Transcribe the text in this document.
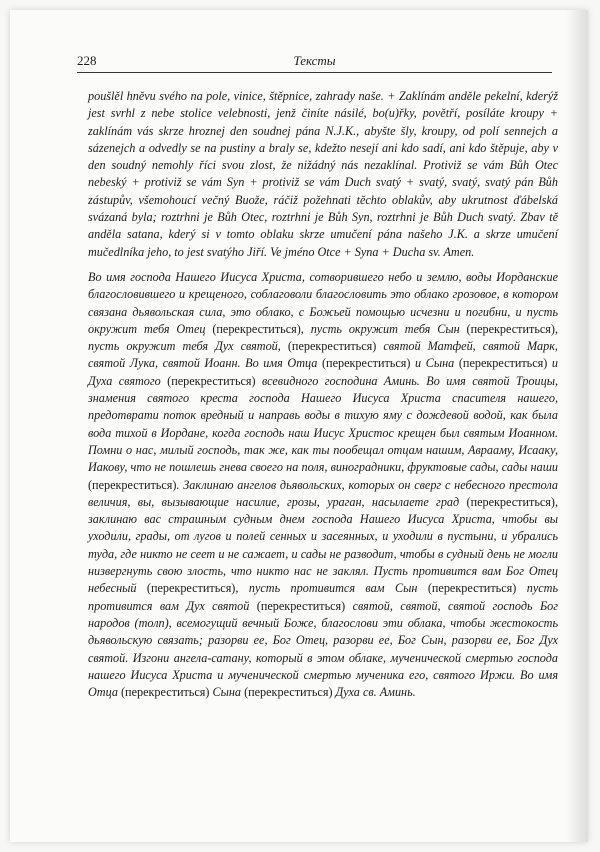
228	Тексты

poušlěl hněvu svého na pole, vinice, štěpnice, zahrady naše. + Zaklínám anděle pekelní, kderýž jest svrhl z nebe stolice velebnosti, jenž činíte násilé, bo(u)řky, povětří, posíláte kroupy + zaklínám vás skrze hroznej den soudnej pána N.J.K., abyšte šly, kroupy, od polí sennejch a sázenejch a odvedly se na pustiny a braly se, kdežto nesejí ani kdo sadí, ani kdo štěpuje, aby v den soudný nemohly říci svou zlost, že nižádný nás nezaklínal. Protiviž se vám Bůh Otec nebeský + protiviž se vám Syn + protiviž se vám Duch svatý + svatý, svatý, svatý pán Bůh zástupův, všemohoucí večný Buože, ráčiž požehnati těchto oblakův, aby ukrutnost ďábelská svázaná byla; roztrhni je Bůh Otec, roztrhni je Bůh Syn, roztrhni je Bůh Duch svatý. Zbav tě anděla satana, kderý si v tomto oblaku skrze umučení pána našeho J.K. a skrze umučení mučedlníka jeho, to jest svatýho Jiří. Ve jméno Otce + Syna + Ducha sv. Amen.

Во имя господа Нашего Иисуса Христа, сотворившего небо и землю, воды Иорданские благословившего и крещеного, соблаговоли благословить это облако грозовое, в котором связана дьявольская сила, это облако, с Божьей помощью исчезни и погибни, и пусть окружит тебя Отец (перекреститься), пусть окружит тебя Сын (перекреститься), пусть окружит тебя Дух святой, (перекреститься) святой Матфей, святой Марк, святой Лука, святой Иоанн. Во имя Отца (перекреститься) и Сына (перекреститься) и Духа святого (перекреститься) всевидного господина Аминь. Во имя святой Троицы, знамения святого креста господа Нашего Иисуса Христа спасителя нашего, предотврати поток вредный и направь воды в тихую яму с дождевой водой, как была вода тихой в Иордане, когда господь наш Иисус Христос крещен был святым Иоанном. Помни о нас, милый господь, так же, как ты пообещал отцам нашим, Аврааму, Исааку, Иакову, что не пошлешь гнева своего на поля, виноградники, фруктовые сады, сады наши (перекреститься). Заклинаю ангелов дьявольских, которых он сверг с небесного престола величия, вы, вызывающие насилие, грозы, ураган, насылаете град (перекреститься), заклинаю вас страшным судным днем господа Нашего Иисуса Христа, чтобы вы уходили, грады, от лугов и полей сенных и засеянных, и уходили в пустыни, и убрались туда, где никто не сеет и не сажает, и сады не разводит, чтобы в судный день не могли низвергнуть свою злость, что никто нас не заклял. Пусть противится вам Бог Отец небесный (перекреститься), пусть противится вам Сын (перекреститься) пусть противится вам Дух святой (перекреститься) святой, святой, святой господь Бог народов (толп), всемогущий вечный Боже, благослови эти облака, чтобы жестокость дьявольскую связать; разорви ее, Бог Отец, разорви ее, Бог Сын, разорви ее, Бог Дух святой. Изгони ангела-сатану, который в этом облаке, мученической смертью господа нашего Иисуса Христа и мученической смертью мученика его, святого Иржи. Во имя Отца (перекреститься) Сына (перекреститься) Духа св. Аминь.
